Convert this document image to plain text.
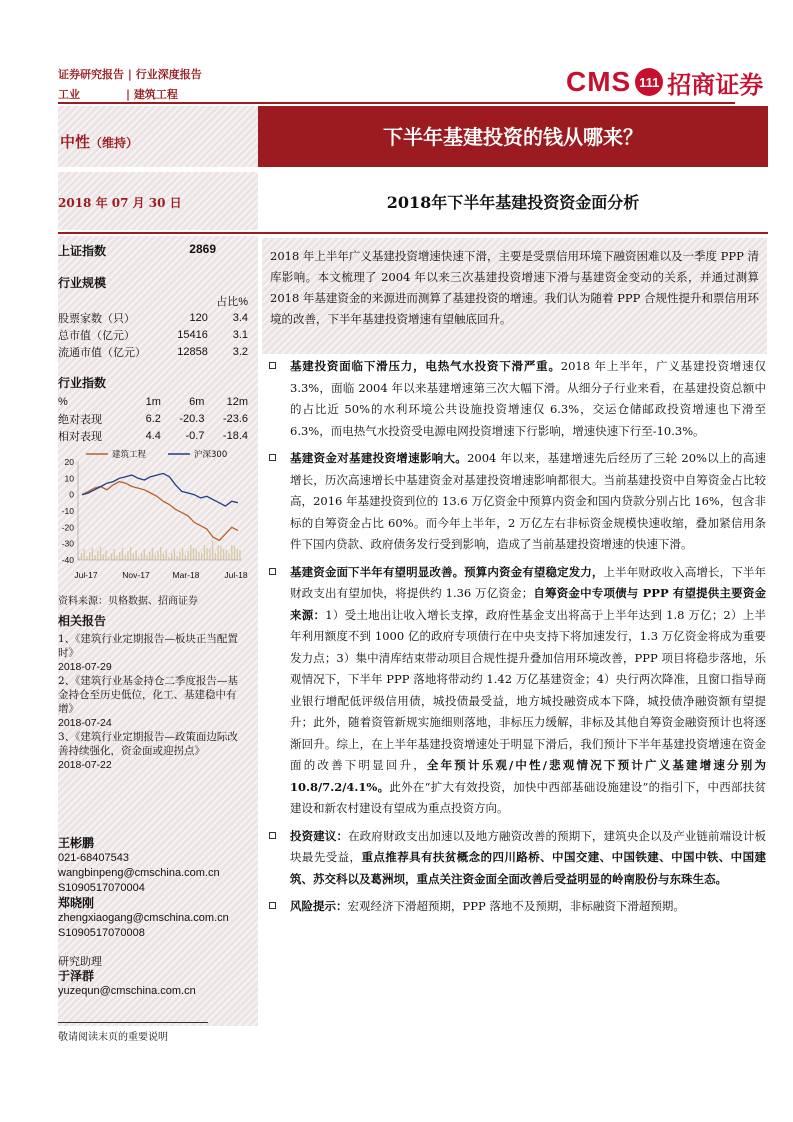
证券研究报告 | 行业深度报告
工业	| 建筑工程	CMS 111 招商证券
中性（维持）	下半年基建投资的钱从哪来？
2018 年 07 月 30 日	2018年下半年基建投资资金面分析
上证指数	2869
行业规模
		占比%
股票家数（只）	120	3.4
总市值（亿元）	15416	3.1
流通市值（亿元）	12858	3.2
行业指数
%	1m	6m	12m
绝对表现	6.2	-20.3	-23.6
相对表现	4.4	-0.7	-18.4
20
10
0
-10
-20
-30
-40
Jul-17	Nov-17	Mar-18	Jul-18
建筑工程	沪深300
资料来源：贝格数据、招商证券
相关报告
1、《建筑行业定期报告—板块正当配置时》
2018-07-29
2、《建筑行业基金持仓二季度报告—基金持仓至历史低位，化工、基建稳中有增》
2018-07-24
3、《建筑行业定期报告—政策面边际改善持续强化，资金面或迎拐点》
2018-07-22
王彬鹏
021-68407543
wangbinpeng@cmschina.com.cn
S1090517070004
郑晓刚
zhengxiaogang@cmschina.com.cn
S1090517070008
研究助理
于泽群
yuzequn@cmschina.com.cn
2018 年上半年广义基建投资增速快速下滑，主要是受票信用环境下融资困难以及一季度 PPP 清库影响。本文梳理了 2004 年以来三次基建投资增速下滑与基建资金变动的关系，并通过测算 2018 年基建资金的来源进而测算了基建投资的增速。我们认为随着 PPP 合规性提升和票信用环境的改善，下半年基建投资增速有望触底回升。
基建投资面临下滑压力，电热气水投资下滑严重。2018 年上半年，广义基建投资增速仅 3.3%，面临 2004 年以来基建增速第三次大幅下滑。从细分子行业来看，在基建投资总额中的占比近 50%的水利环境公共设施投资增速仅 6.3%，交运仓储邮政投资增速也下滑至 6.3%，而电热气水投资受电源电网投资增速下行影响，增速快速下行至-10.3%。
基建资金对基建投资增速影响大。2004 年以来，基建增速先后经历了三轮 20%以上的高速增长，历次高速增长中基建资金对基建投资增速影响都很大。当前基建投资中自筹资金占比较高，2016 年基建投资到位的 13.6 万亿资金中预算内资金和国内贷款分别占比 16%，包含非标的自筹资金占比 60%。而今年上半年，2 万亿左右非标资金规模快速收缩，叠加紧信用条件下国内贷款、政府债务发行受到影响，造成了当前基建投资增速的快速下滑。
基建资金面下半年有望明显改善。预算内资金有望稳定发力，上半年财政收入高增长，下半年财政支出有望加快，将提供约 1.36 万亿资金；自筹资金中专项债与 PPP 有望提供主要资金来源：1）受土地出让收入增长支撑，政府性基金支出将高于上半年达到 1.8 万亿；2）上半年利用额度不到 1000 亿的政府专项债行在中央支持下将加速发行，1.3 万亿资金将成为重要发力点；3）集中清库结束带动项目合规性提升叠加信用环境改善，PPP 项目将稳步落地，乐观情况下，下半年 PPP 落地将带动约 1.42 万亿基建资金；4）央行两次降准，且窗口指导商业银行增配低评级信用债，城投债最受益，地方城投融资成本下降，城投债净融资额有望提升；此外，随着资管新规实施细则落地，非标压力缓解，非标及其他自筹资金融资预计也将逐渐回升。综上，在上半年基建投资增速处于明显下滑后，我们预计下半年基建投资增速在资金面的改善下明显回升，全年预计乐观/中性/悲观情况下预计广义基建增速分别为 10.8/7.2/4.1%。此外在“扩大有效投资，加快中西部基础设施建设”的指引下，中西部扶贫建设和新农村建设有望成为重点投资方向。
投资建议：在政府财政支出加速以及地方融资改善的预期下，建筑央企以及产业链前端设计板块最先受益，重点推荐具有扶贫概念的四川路桥、中国交建、中国铁建、中国中铁、中国建筑、苏交科以及葛洲坝，重点关注资金面全面改善后受益明显的岭南股份与东珠生态。
风险提示：宏观经济下滑超预期，PPP 落地不及预期，非标融资下滑超预期。
敬请阅读末页的重要说明
